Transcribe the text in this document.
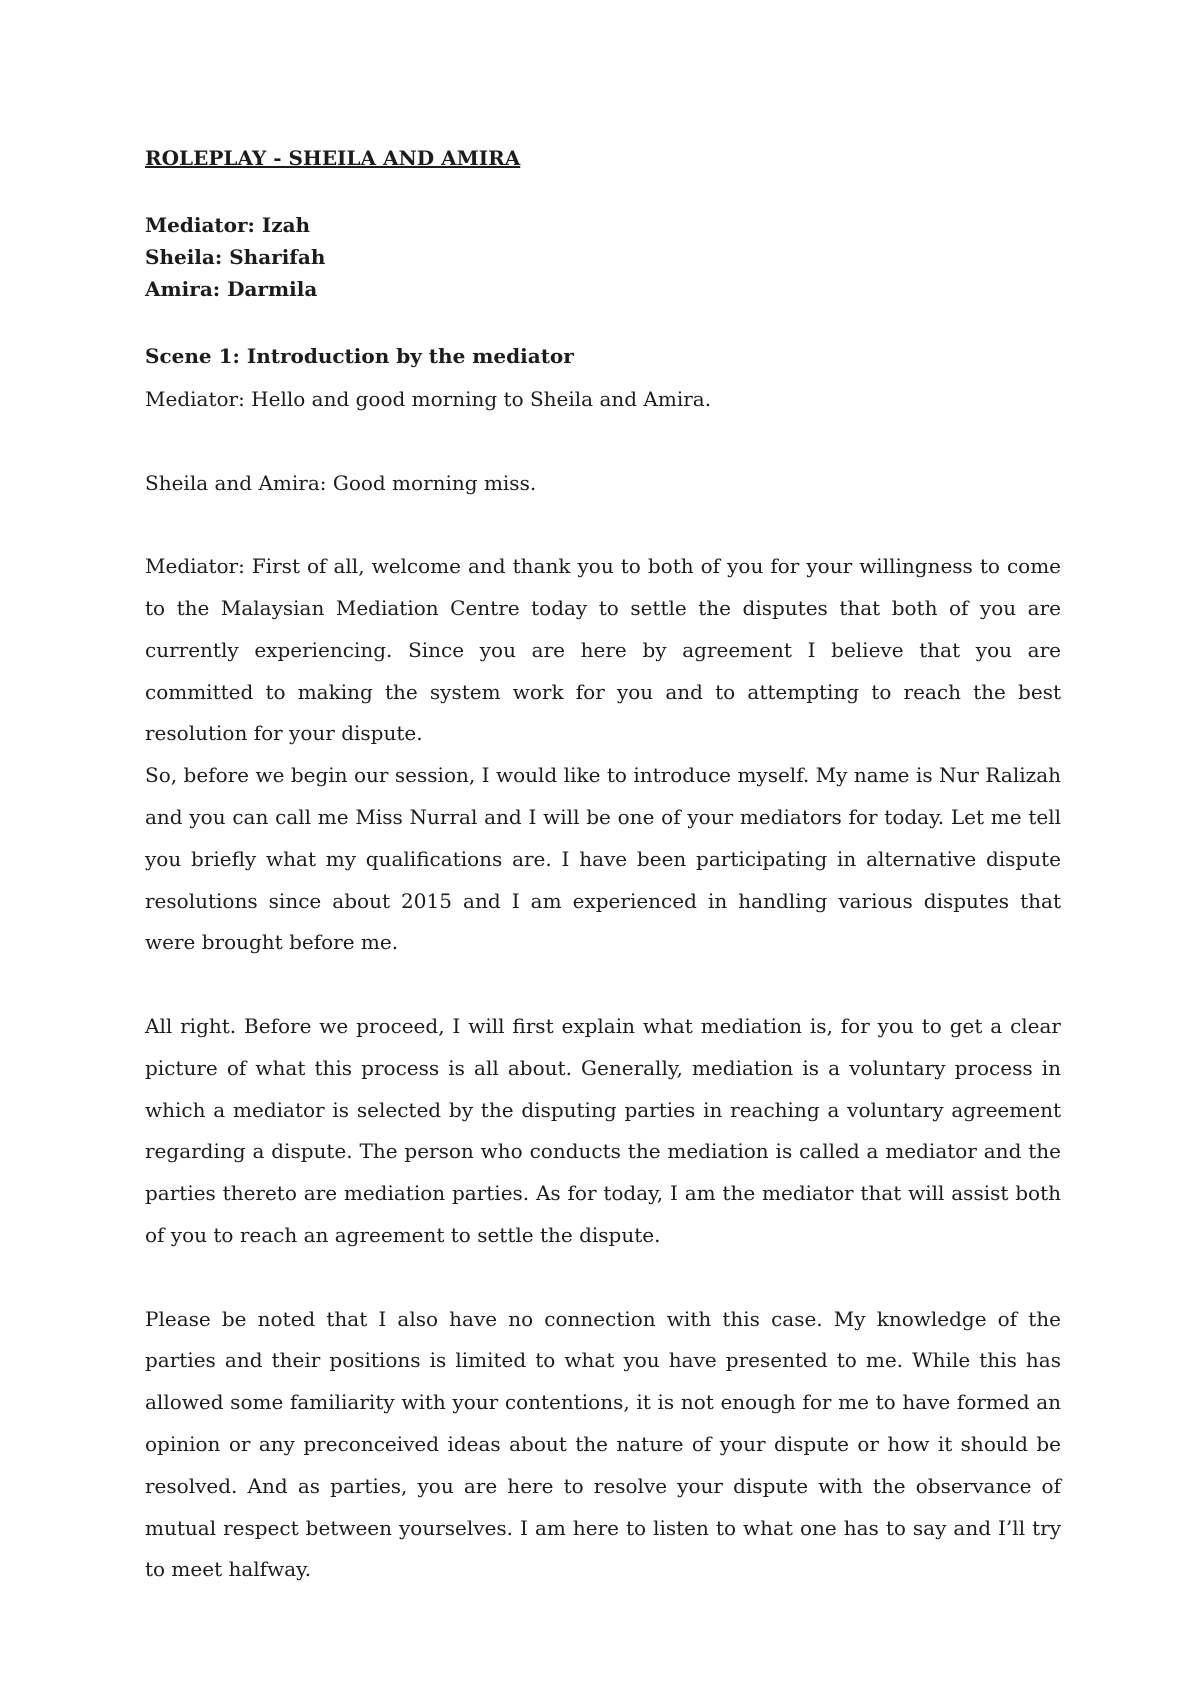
ROLEPLAY - SHEILA AND AMIRA
Mediator: Izah
Sheila: Sharifah
Amira: Darmila
Scene 1: Introduction by the mediator

Mediator: Hello and good morning to Sheila and Amira.

Sheila and Amira: Good morning miss.

Mediator: First of all, welcome and thank you to both of you for your willingness to come to the Malaysian Mediation Centre today to settle the disputes that both of you are currently experiencing. Since you are here by agreement I believe that you are committed to making the system work for you and to attempting to reach the best resolution for your dispute.

So, before we begin our session, I would like to introduce myself. My name is Nur Ralizah and you can call me Miss Nurral and I will be one of your mediators for today. Let me tell you briefly what my qualifications are. I have been participating in alternative dispute resolutions since about 2015 and I am experienced in handling various disputes that were brought before me.

All right. Before we proceed, I will first explain what mediation is, for you to get a clear picture of what this process is all about. Generally, mediation is a voluntary process in which a mediator is selected by the disputing parties in reaching a voluntary agreement regarding a dispute. The person who conducts the mediation is called a mediator and the parties thereto are mediation parties. As for today, I am the mediator that will assist both of you to reach an agreement to settle the dispute.

Please be noted that I also have no connection with this case. My knowledge of the parties and their positions is limited to what you have presented to me. While this has allowed some familiarity with your contentions, it is not enough for me to have formed an opinion or any preconceived ideas about the nature of your dispute or how it should be resolved. And as parties, you are here to resolve your dispute with the observance of mutual respect between yourselves. I am here to listen to what one has to say and I’ll try to meet halfway.
